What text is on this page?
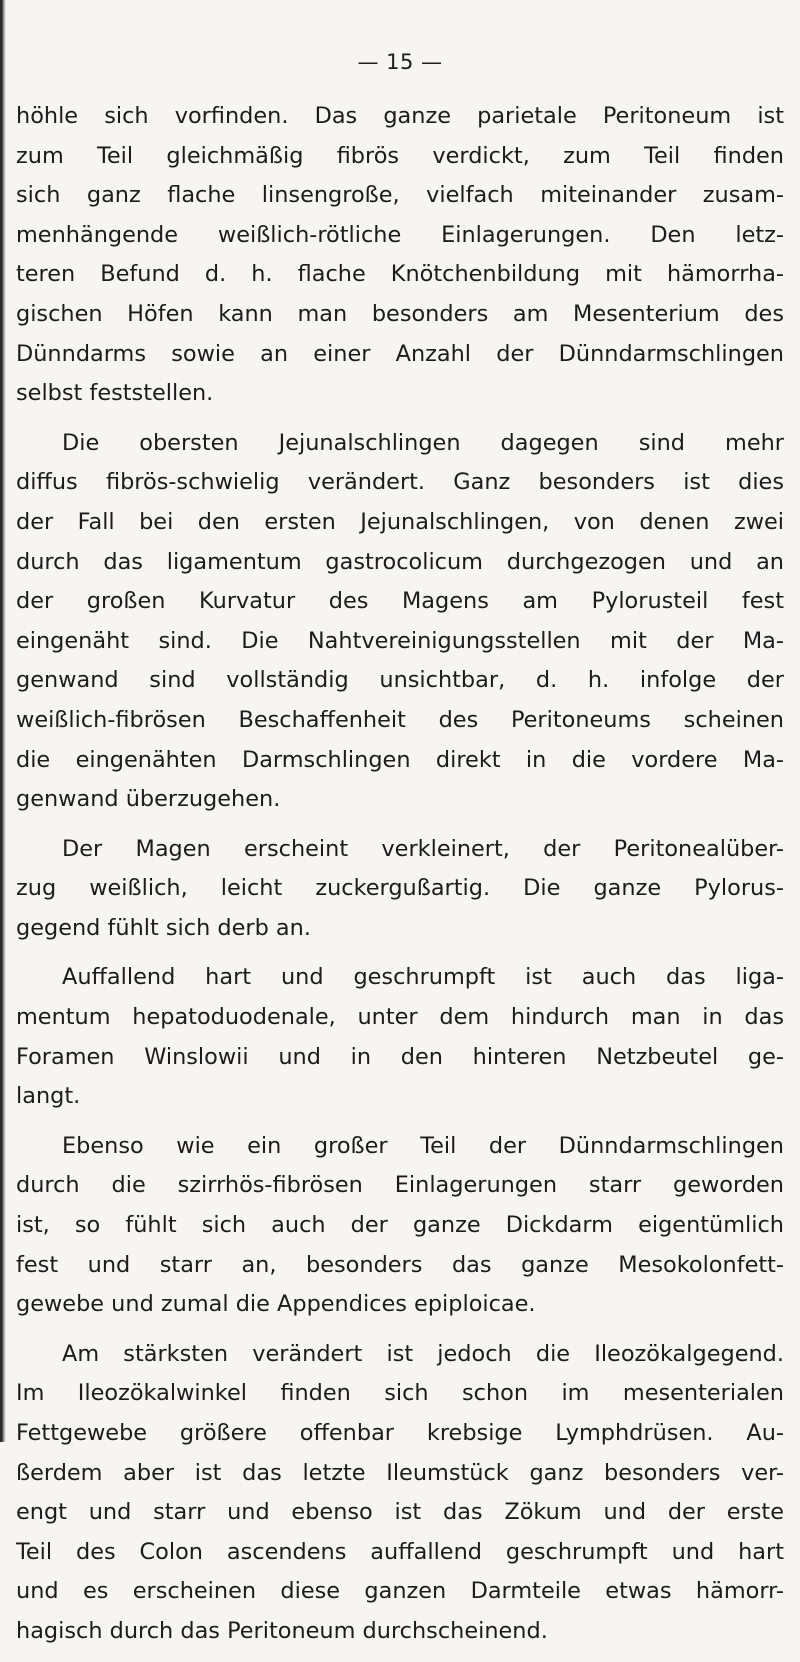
— 15 —
höhle sich vorfinden. Das ganze parietale Peritoneum ist
zum Teil gleichmäßig fibrös verdickt, zum Teil finden
sich ganz flache linsengroße, vielfach miteinander zusam-
menhängende weißlich-rötliche Einlagerungen. Den letz-
teren Befund d. h. flache Knötchenbildung mit hämorrha-
gischen Höfen kann man besonders am Mesenterium des
Dünndarms sowie an einer Anzahl der Dünndarmschlingen
selbst feststellen.
Die obersten Jejunalschlingen dagegen sind mehr
diffus fibrös-schwielig verändert. Ganz besonders ist dies
der Fall bei den ersten Jejunalschlingen, von denen zwei
durch das ligamentum gastrocolicum durchgezogen und an
der großen Kurvatur des Magens am Pylorusteil fest
eingenäht sind. Die Nahtvereinigungsstellen mit der Ma-
genwand sind vollständig unsichtbar, d. h. infolge der
weißlich-fibrösen Beschaffenheit des Peritoneums scheinen
die eingenähten Darmschlingen direkt in die vordere Ma-
genwand überzugehen.
Der Magen erscheint verkleinert, der Peritonealüber-
zug weißlich, leicht zuckergußartig. Die ganze Pylorus-
gegend fühlt sich derb an.
Auffallend hart und geschrumpft ist auch das liga-
mentum hepatoduodenale, unter dem hindurch man in das
Foramen Winslowii und in den hinteren Netzbeutel ge-
langt.
Ebenso wie ein großer Teil der Dünndarmschlingen
durch die szirrhös-fibrösen Einlagerungen starr geworden
ist, so fühlt sich auch der ganze Dickdarm eigentümlich
fest und starr an, besonders das ganze Mesokolonfett-
gewebe und zumal die Appendices epiploicae.
Am stärksten verändert ist jedoch die Ileozökalgegend.
Im Ileozökalwinkel finden sich schon im mesenterialen
Fettgewebe größere offenbar krebsige Lymphdrüsen. Au-
ßerdem aber ist das letzte Ileumstück ganz besonders ver-
engt und starr und ebenso ist das Zökum und der erste
Teil des Colon ascendens auffallend geschrumpft und hart
und es erscheinen diese ganzen Darmteile etwas hämorr-
hagisch durch das Peritoneum durchscheinend.
